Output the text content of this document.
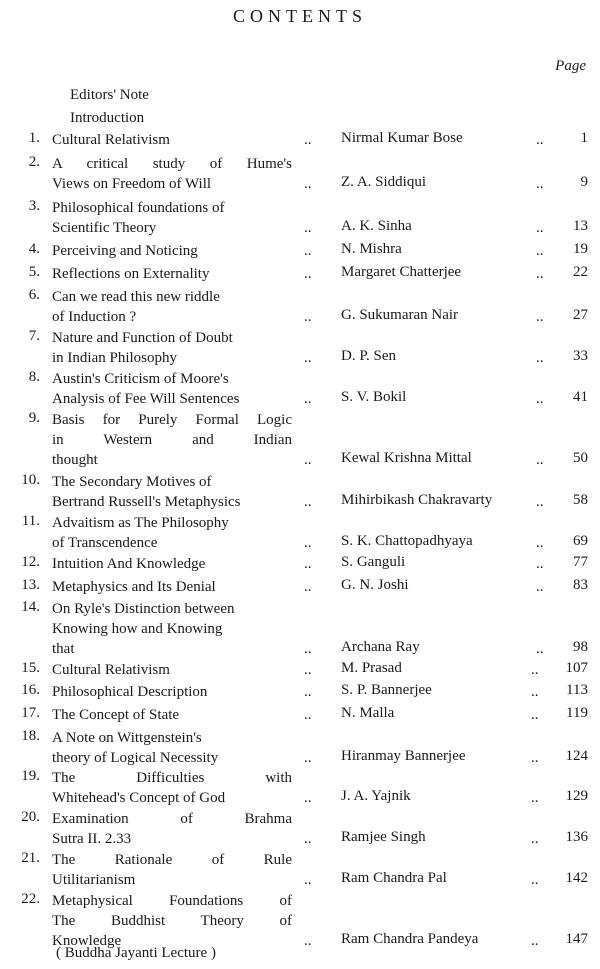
CONTENTS
Page
Editors' Note
Introduction
1. Cultural Relativism	.. Nirmal Kumar Bose	.. 1
2. A critical study of Hume's
Views on Freedom of Will	.. Z. A. Siddiqui	.. 9
3. Philosophical foundations of
Scientific Theory	.. A. K. Sinha	.. 13
4. Perceiving and Noticing	.. N. Mishra	.. 19
5. Reflections on Externality	.. Margaret Chatterjee	.. 22
6. Can we read this new riddle
of Induction ?	.. G. Sukumaran Nair	.. 27
7. Nature and Function of Doubt
in Indian Philosophy	.. D. P. Sen	.. 33
8. Austin's Criticism of Moore's
Analysis of Fee Will Sentences	.. S. V. Bokil	.. 41
9. Basis for Purely Formal Logic
in Western and Indian
thought	.. Kewal Krishna Mittal	.. 50
10. The Secondary Motives of
Bertrand Russell's Metaphysics	.. Mihirbikash Chakravarty	.. 58
11. Advaitism as The Philosophy
of Transcendence	.. S. K. Chattopadhyaya	.. 69
12. Intuition And Knowledge	.. S. Ganguli	.. 77
13. Metaphysics and Its Denial	.. G. N. Joshi	.. 83
14. On Ryle's Distinction between
Knowing how and Knowing
that	.. Archana Ray	.. 98
15. Cultural Relativism	.. M. Prasad	.. 107
16. Philosophical Description	.. S. P. Bannerjee	.. 113
17. The Concept of State	.. N. Malla	.. 119
18. A Note on Wittgenstein's
theory of Logical Necessity	.. Hiranmay Bannerjee	.. 124
19. The Difficulties with
Whitehead's Concept of God	.. J. A. Yajnik	.. 129
20. Examination of Brahma
Sutra II. 2.33	.. Ramjee Singh	.. 136
21. The Rationale of Rule
Utilitarianism	.. Ram Chandra Pal	.. 142
22. Metaphysical Foundations of
The Buddhist Theory of
Knowledge	.. Ram Chandra Pandeya	.. 147
( Buddha Jayanti Lecture )
